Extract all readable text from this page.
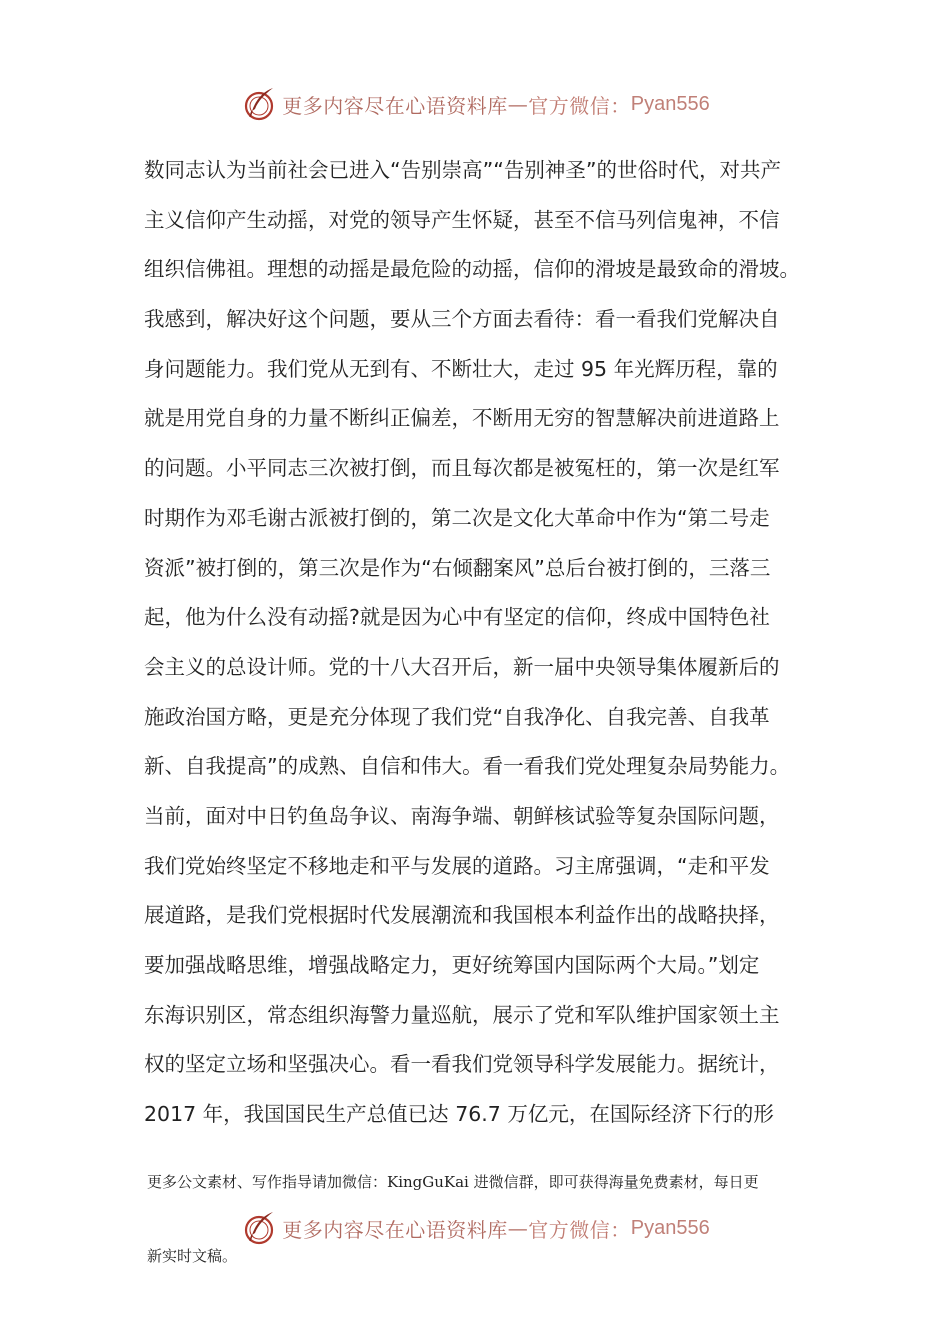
更多内容尽在心语资料库 — 官方微信： Pyan556
数同志认为当前社会已进入“告别崇高”“告别神圣”的世俗时代，对共产
主义信仰产生动摇，对党的领导产生怀疑，甚至不信马列信鬼神，不信
组织信佛祖。理想的动摇是最危险的动摇，信仰的滑坡是最致命的滑坡。
我感到，解决好这个问题，要从三个方面去看待：看一看我们党解决自
身问题能力。我们党从无到有、不断壮大，走过 95 年光辉历程，靠的
就是用党自身的力量不断纠正偏差，不断用无穷的智慧解决前进道路上
的问题。小平同志三次被打倒，而且每次都是被冤枉的，第一次是红军
时期作为邓毛谢古派被打倒的，第二次是文化大革命中作为“第二号走
资派”被打倒的，第三次是作为“右倾翻案风”总后台被打倒的，三落三
起，他为什么没有动摇?就是因为心中有坚定的信仰，终成中国特色社
会主义的总设计师。党的十八大召开后，新一届中央领导集体履新后的
施政治国方略，更是充分体现了我们党“自我净化、自我完善、自我革
新、自我提高”的成熟、自信和伟大。看一看我们党处理复杂局势能力。
当前，面对中日钓鱼岛争议、南海争端、朝鲜核试验等复杂国际问题，
我们党始终坚定不移地走和平与发展的道路。习主席强调，“走和平发
展道路，是我们党根据时代发展潮流和我国根本利益作出的战略抉择，
要加强战略思维，增强战略定力，更好统筹国内国际两个大局。”划定
东海识别区，常态组织海警力量巡航，展示了党和军队维护国家领土主
权的坚定立场和坚强决心。看一看我们党领导科学发展能力。据统计，
2017 年，我国国民生产总值已达 76.7 万亿元，在国际经济下行的形
更多公文素材、写作指导请加微信：KingGuKai 进微信群，即可获得海量免费素材，每日更
更多内容尽在心语资料库 — 官方微信： Pyan556
新实时文稿。
